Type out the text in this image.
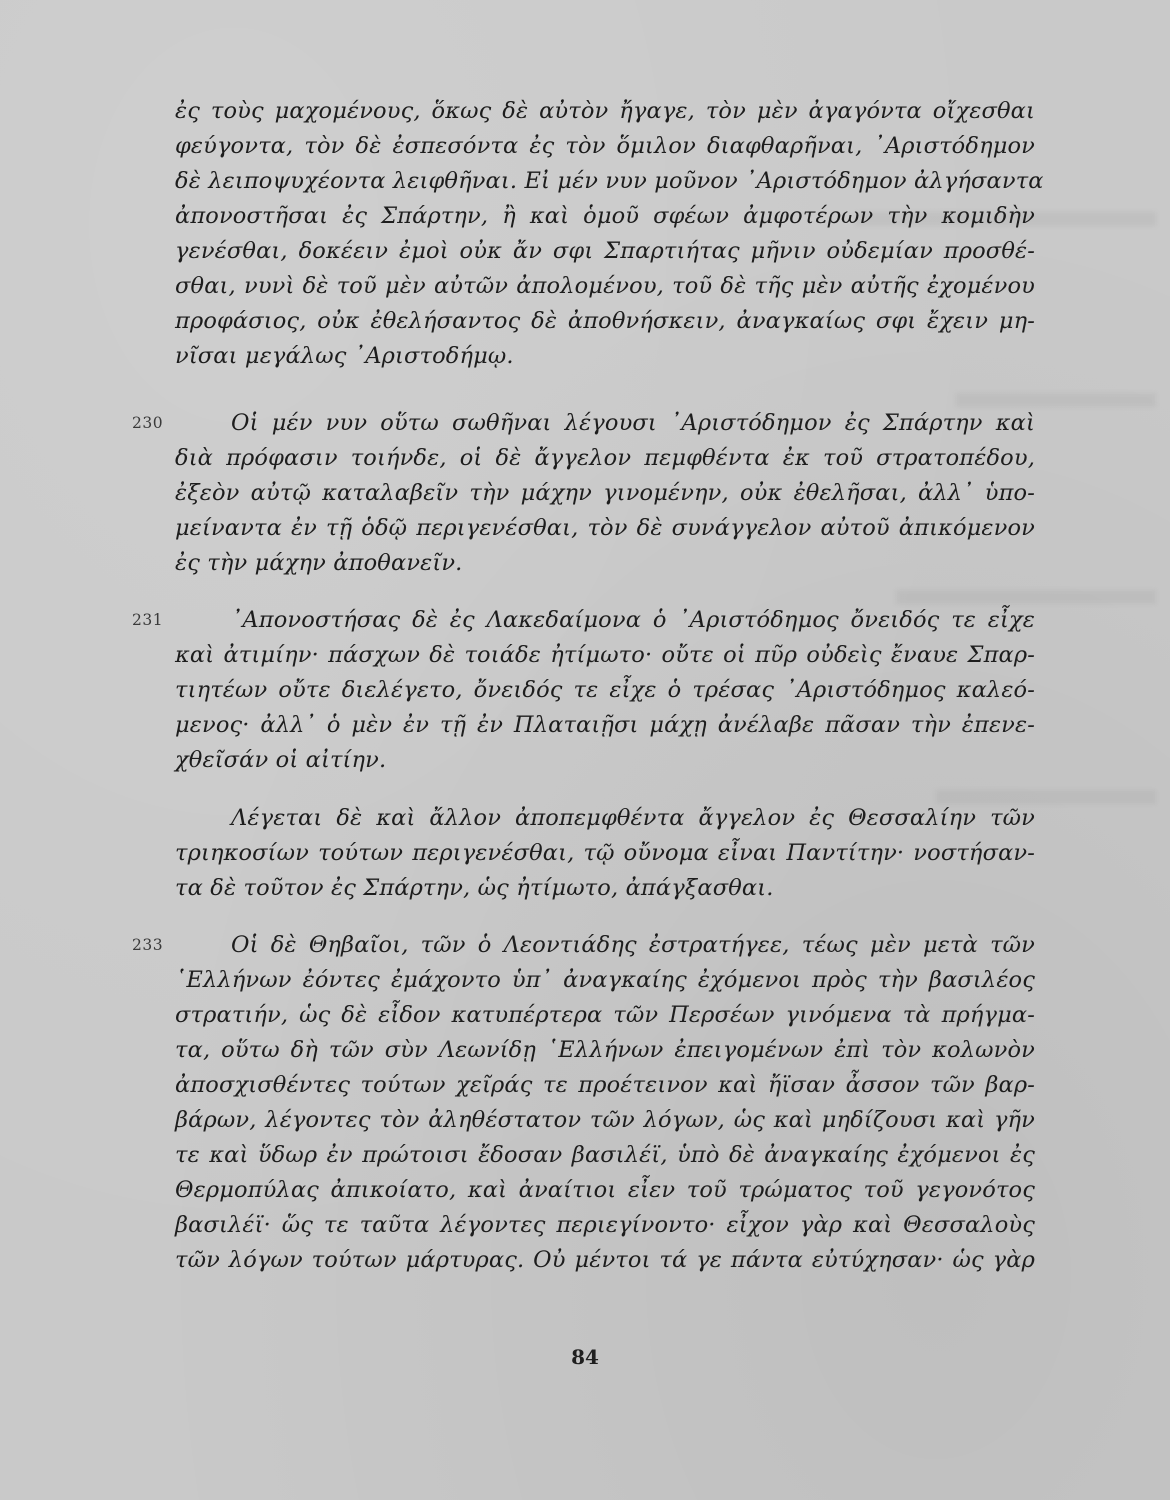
ἐς τοὺς μαχομένους, ὅκως δὲ αὐτὸν ἤγαγε, τὸν μὲν ἀγαγόντα οἴχεσθαι
φεύγοντα, τὸν δὲ ἐσπεσόντα ἐς τὸν ὅμιλον διαφθαρῆναι, ᾿Αριστόδημον
δὲ λειποψυχέοντα λειφθῆναι. Εἰ μέν νυν μοῦνον ᾿Αριστόδημον ἀλγήσαντα
ἀπονοστῆσαι ἐς Σπάρτην, ἢ καὶ ὁμοῦ σφέων ἀμφοτέρων τὴν κομιδὴν
γενέσθαι, δοκέειν ἐμοὶ οὐκ ἄν σφι Σπαρτιήτας μῆνιν οὐδεμίαν προσθέ-
σθαι, νυνὶ δὲ τοῦ μὲν αὐτῶν ἀπολομένου, τοῦ δὲ τῆς μὲν αὐτῆς ἐχομένου
προφάσιος, οὐκ ἐθελήσαντος δὲ ἀποθνήσκειν, ἀναγκαίως σφι ἔχειν μη-
νῖσαι μεγάλως ᾿Αριστοδήμῳ.
230	Οἱ μέν νυν οὕτω σωθῆναι λέγουσι ᾿Αριστόδημον ἐς Σπάρτην καὶ
διὰ πρόφασιν τοιήνδε, οἱ δὲ ἄγγελον πεμφθέντα ἐκ τοῦ στρατοπέδου,
ἐξεὸν αὐτῷ καταλαβεῖν τὴν μάχην γινομένην, οὐκ ἐθελῆσαι, ἀλλ᾿ ὑπο-
μείναντα ἐν τῇ ὁδῷ περιγενέσθαι, τὸν δὲ συνάγγελον αὐτοῦ ἀπικόμενον
ἐς τὴν μάχην ἀποθανεῖν.
231	᾿Απονοστήσας δὲ ἐς Λακεδαίμονα ὁ ᾿Αριστόδημος ὄνειδός τε εἶχε
καὶ ἀτιμίην· πάσχων δὲ τοιάδε ἠτίμωτο· οὔτε οἱ πῦρ οὐδεὶς ἔναυε Σπαρ-
τιητέων οὔτε διελέγετο, ὄνειδός τε εἶχε ὁ τρέσας ᾿Αριστόδημος καλεό-
μενος· ἀλλ᾿ ὁ μὲν ἐν τῇ ἐν Πλαταιῇσι μάχῃ ἀνέλαβε πᾶσαν τὴν ἐπενε-
χθεῖσάν οἱ αἰτίην.
Λέγεται δὲ καὶ ἄλλον ἀποπεμφθέντα ἄγγελον ἐς Θεσσαλίην τῶν
τριηκοσίων τούτων περιγενέσθαι, τῷ οὔνομα εἶναι Παντίτην· νοστήσαν-
τα δὲ τοῦτον ἐς Σπάρτην, ὡς ἠτίμωτο, ἀπάγξασθαι.
233	Οἱ δὲ Θηβαῖοι, τῶν ὁ Λεοντιάδης ἐστρατήγεε, τέως μὲν μετὰ τῶν
῾Ελλήνων ἐόντες ἐμάχοντο ὑπ᾿ ἀναγκαίης ἐχόμενοι πρὸς τὴν βασιλέος
στρατιήν, ὡς δὲ εἶδον κατυπέρτερα τῶν Περσέων γινόμενα τὰ πρήγμα-
τα, οὕτω δὴ τῶν σὺν Λεωνίδῃ ῾Ελλήνων ἐπειγομένων ἐπὶ τὸν κολωνὸν
ἀποσχισθέντες τούτων χεῖράς τε προέτεινον καὶ ἤϊσαν ἆσσον τῶν βαρ-
βάρων, λέγοντες τὸν ἀληθέστατον τῶν λόγων, ὡς καὶ μηδίζουσι καὶ γῆν
τε καὶ ὕδωρ ἐν πρώτοισι ἔδοσαν βασιλέϊ, ὑπὸ δὲ ἀναγκαίης ἐχόμενοι ἐς
Θερμοπύλας ἀπικοίατο, καὶ ἀναίτιοι εἶεν τοῦ τρώματος τοῦ γεγονότος
βασιλέϊ· ὥς τε ταῦτα λέγοντες περιεγίνοντο· εἶχον γὰρ καὶ Θεσσαλοὺς
τῶν λόγων τούτων μάρτυρας. Οὐ μέντοι τά γε πάντα εὐτύχησαν· ὡς γὰρ
84
